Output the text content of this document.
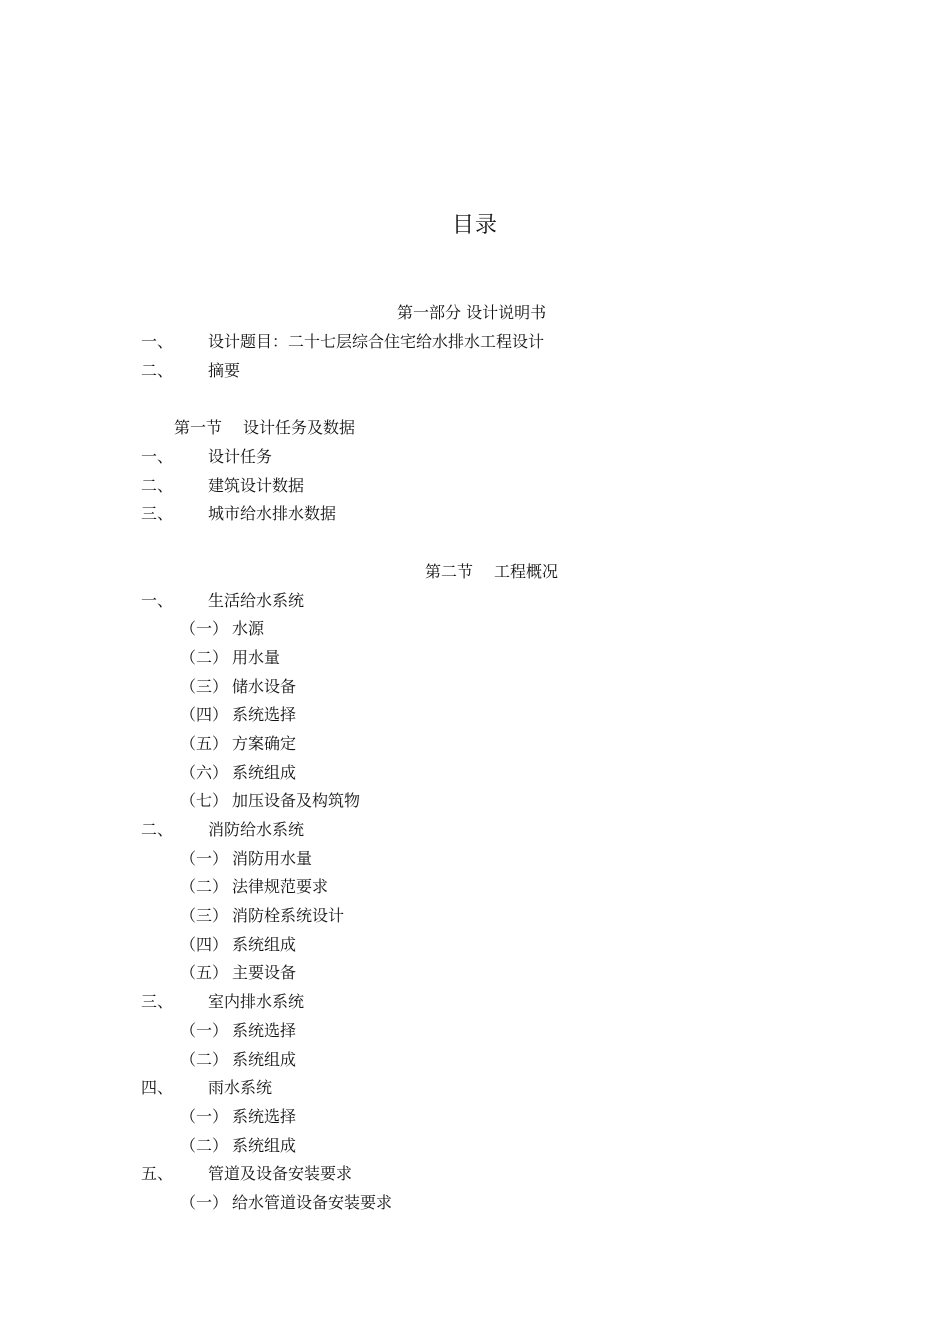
目录
第一部分 设计说明书
一、 设计题目：二十七层综合住宅给水排水工程设计
二、 摘要
第一节 设计任务及数据
一、 设计任务
二、 建筑设计数据
三、 城市给水排水数据
第二节 工程概况
一、 生活给水系统
（一） 水源
（二） 用水量
（三） 储水设备
（四） 系统选择
（五） 方案确定
（六） 系统组成
（七） 加压设备及构筑物
二、 消防给水系统
（一） 消防用水量
（二） 法律规范要求
（三） 消防栓系统设计
（四） 系统组成
（五） 主要设备
三、 室内排水系统
（一） 系统选择
（二） 系统组成
四、 雨水系统
（一） 系统选择
（二） 系统组成
五、 管道及设备安装要求
（一） 给水管道设备安装要求
